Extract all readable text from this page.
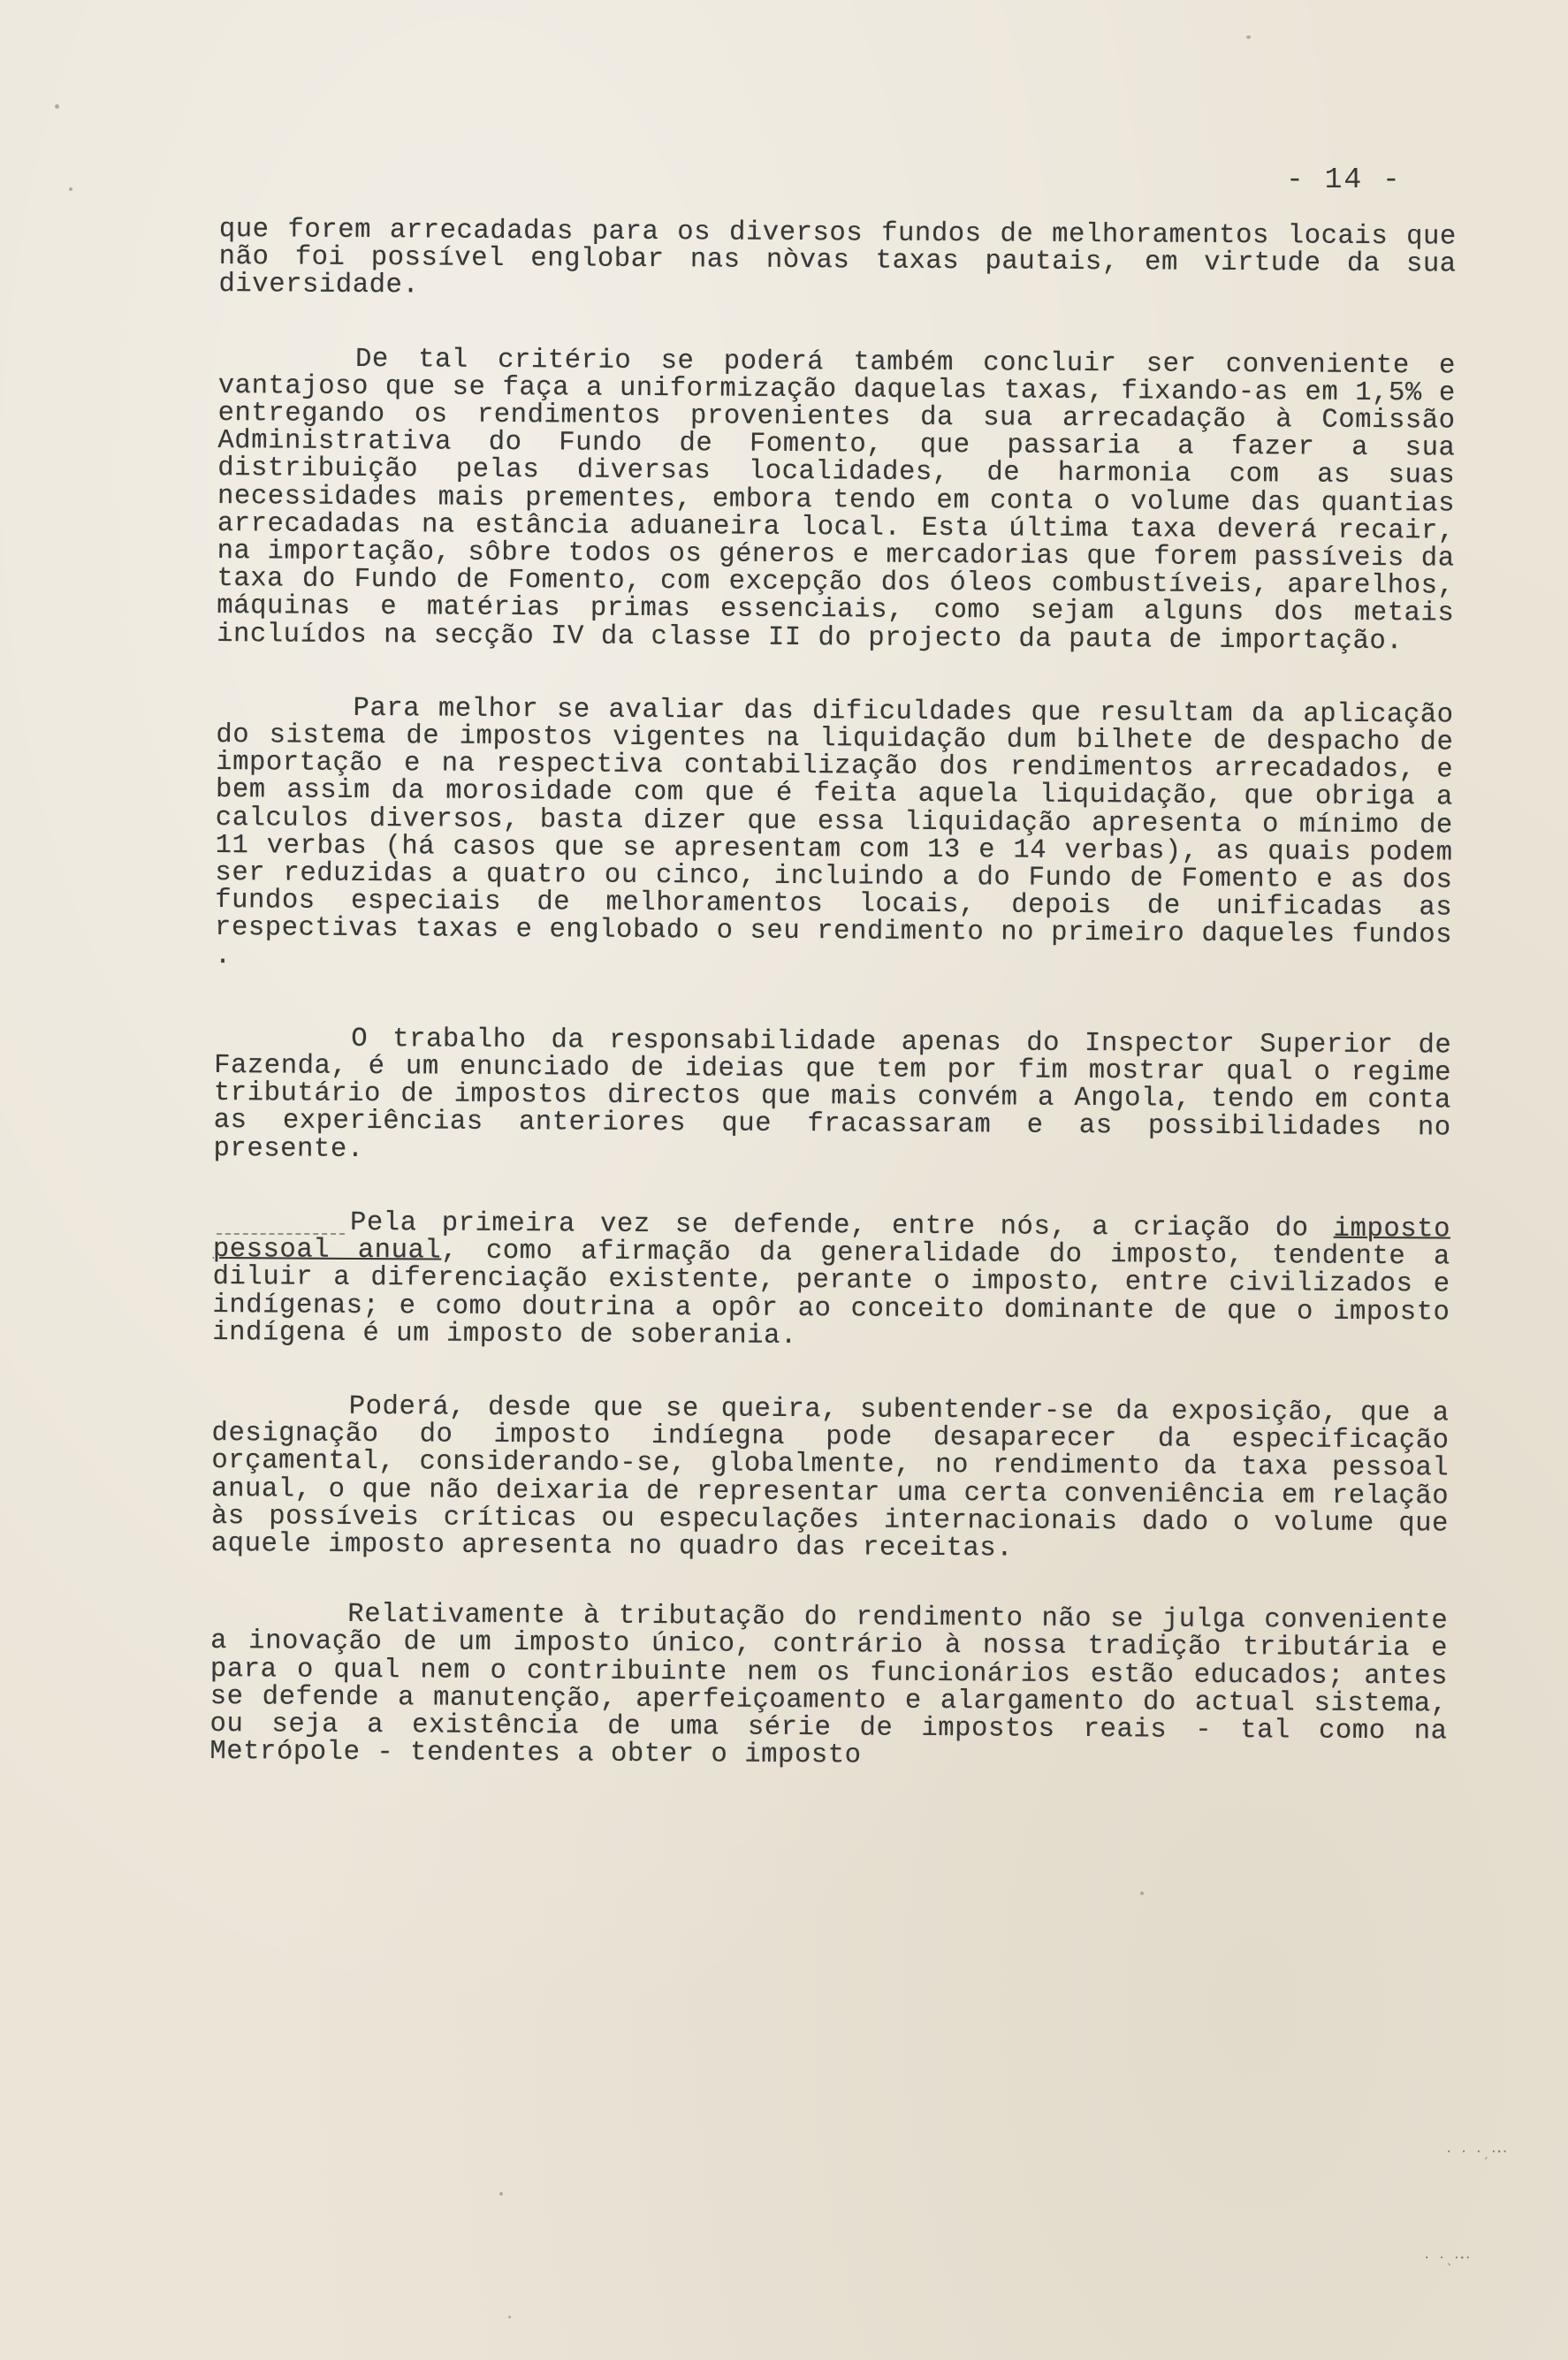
· · ·ˏ·ꞏ·
· ·ˎ·ꞏ·
- 14 -

que forem arrecadadas para os diversos fundos de melhoramentos locais que não foi possível englobar nas nòvas taxas pautais, em virtude da sua diversidade.

De tal critério se poderá também concluir ser conveniente e vantajoso que se faça a uniformização daquelas taxas, fixando-as em 1,5% e entregando os rendimentos provenientes da sua arrecadação à Comissão Administrativa do Fundo de Fomento, que passaria a fazer a sua distribuição pelas diversas localidades, de harmonia com as suas necessidades mais prementes, embora tendo em conta o volume das quantias arrecadadas na estância aduaneira local. Esta última taxa deverá recair, na importação, sôbre todos os géneros e mercadorias que forem passíveis da taxa do Fundo de Fomento, com excepção dos óleos combustíveis, aparelhos, máquinas e matérias primas essenciais, como sejam alguns dos metais incluídos na secção IV da classe II do projecto da pauta de importação.

Para melhor se avaliar das dificuldades que resultam da aplicação do sistema de impostos vigentes na liquidação dum bilhete de despacho de importação e na respectiva contabilização dos rendimentos arrecadados, e bem assim da morosidade com que é feita aquela liquidação, que obriga a calculos diversos, basta dizer que essa liquidação apresenta o mínimo de 11 verbas (há casos que se apresentam com 13 e 14 verbas), as quais podem ser reduzidas a quatro ou cinco, incluindo a do Fundo de Fomento e as dos fundos especiais de melhoramentos locais, depois de unificadas as respectivas taxas e englobado o seu rendimento no primeiro daqueles fundos .

O trabalho da responsabilidade apenas do Inspector Superior de Fazenda, é um enunciado de ideias que tem por fim mostrar qual o regime tributário de impostos directos que mais convém a Angola, tendo em conta as experiências anteriores que fracassaram e as possibilidades no presente.

Pela primeira vez se defende, entre nós, a criação do imposto pessoal anual, como afirmação da generalidade do imposto, tendente a diluir a diferenciação existente, perante o imposto, entre civilizados e indígenas; e como doutrina a opôr ao conceito dominante de que o imposto indígena é um imposto de soberania.

Poderá, desde que se queira, subentender-se da exposição, que a designação do imposto indíegna pode desaparecer da especificação orçamental, considerando-se, globalmente, no rendimento da taxa pessoal anual, o que não deixaria de representar uma certa conveniência em relação às possíveis críticas ou especulações internacionais dado o volume que aquele imposto apresenta no quadro das receitas.

Relativamente à tributação do rendimento não se julga conveniente a inovação de um imposto único, contrário à nossa tradição tributária e para o qual nem o contribuinte nem os funcionários estão educados; antes se defende a manutenção, aperfeiçoamento e alargamento do actual sistema, ou seja a existência de uma série de impostos reais - tal como na Metrópole - tendentes a obter o imposto
